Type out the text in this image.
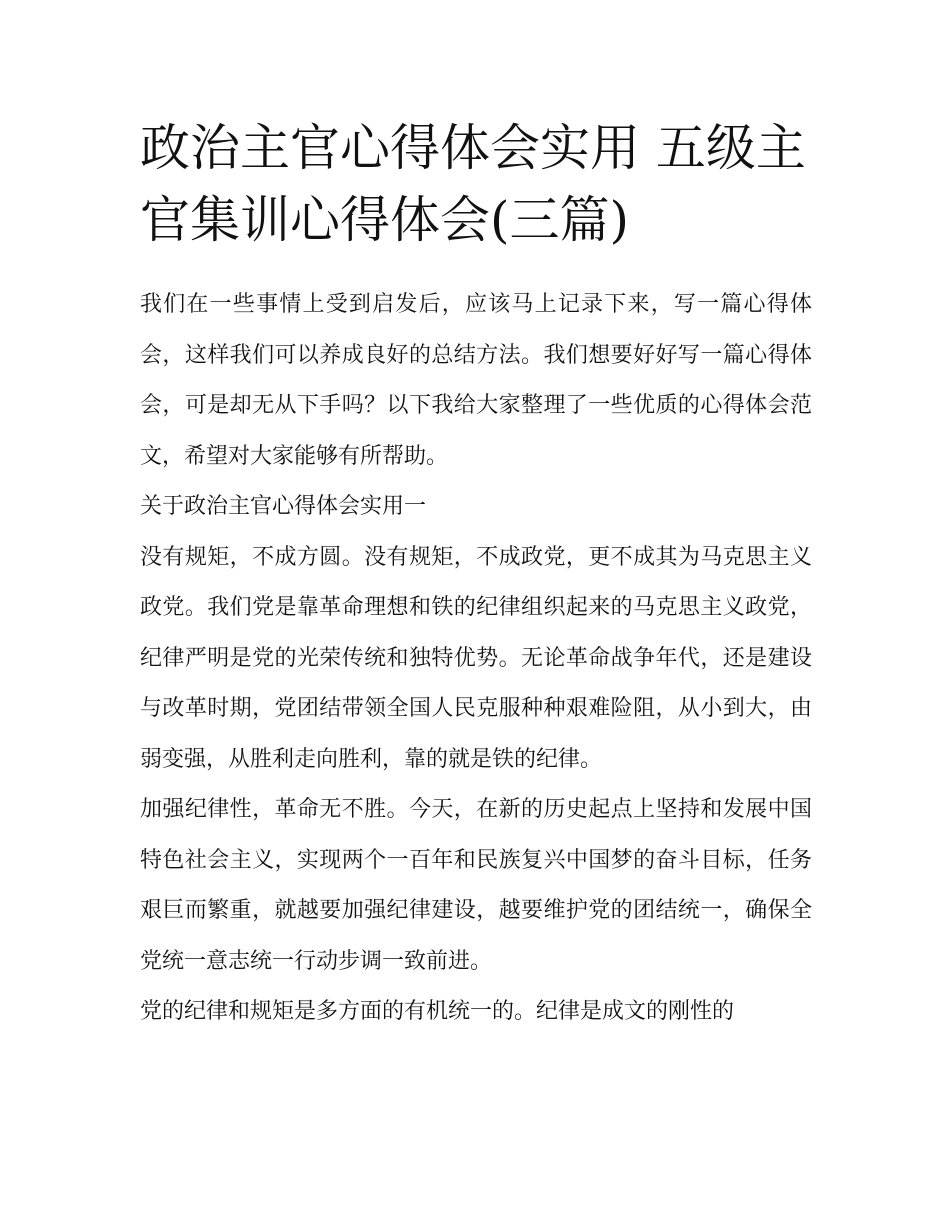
政治主官心得体会实用 五级主官集训心得体会(三篇)

我们在一些事情上受到启发后，应该马上记录下来，写一篇心得体会，这样我们可以养成良好的总结方法。我们想要好好写一篇心得体会，可是却无从下手吗？以下我给大家整理了一些优质的心得体会范文，希望对大家能够有所帮助。

关于政治主官心得体会实用一

没有规矩，不成方圆。没有规矩，不成政党，更不成其为马克思主义政党。我们党是靠革命理想和铁的纪律组织起来的马克思主义政党，纪律严明是党的光荣传统和独特优势。无论革命战争年代，还是建设与改革时期，党团结带领全国人民克服种种艰难险阻，从小到大，由弱变强，从胜利走向胜利，靠的就是铁的纪律。

加强纪律性，革命无不胜。今天，在新的历史起点上坚持和发展中国特色社会主义，实现两个一百年和民族复兴中国梦的奋斗目标，任务艰巨而繁重，就越要加强纪律建设，越要维护党的团结统一，确保全党统一意志统一行动步调一致前进。

党的纪律和规矩是多方面的有机统一的。纪律是成文的刚性的
